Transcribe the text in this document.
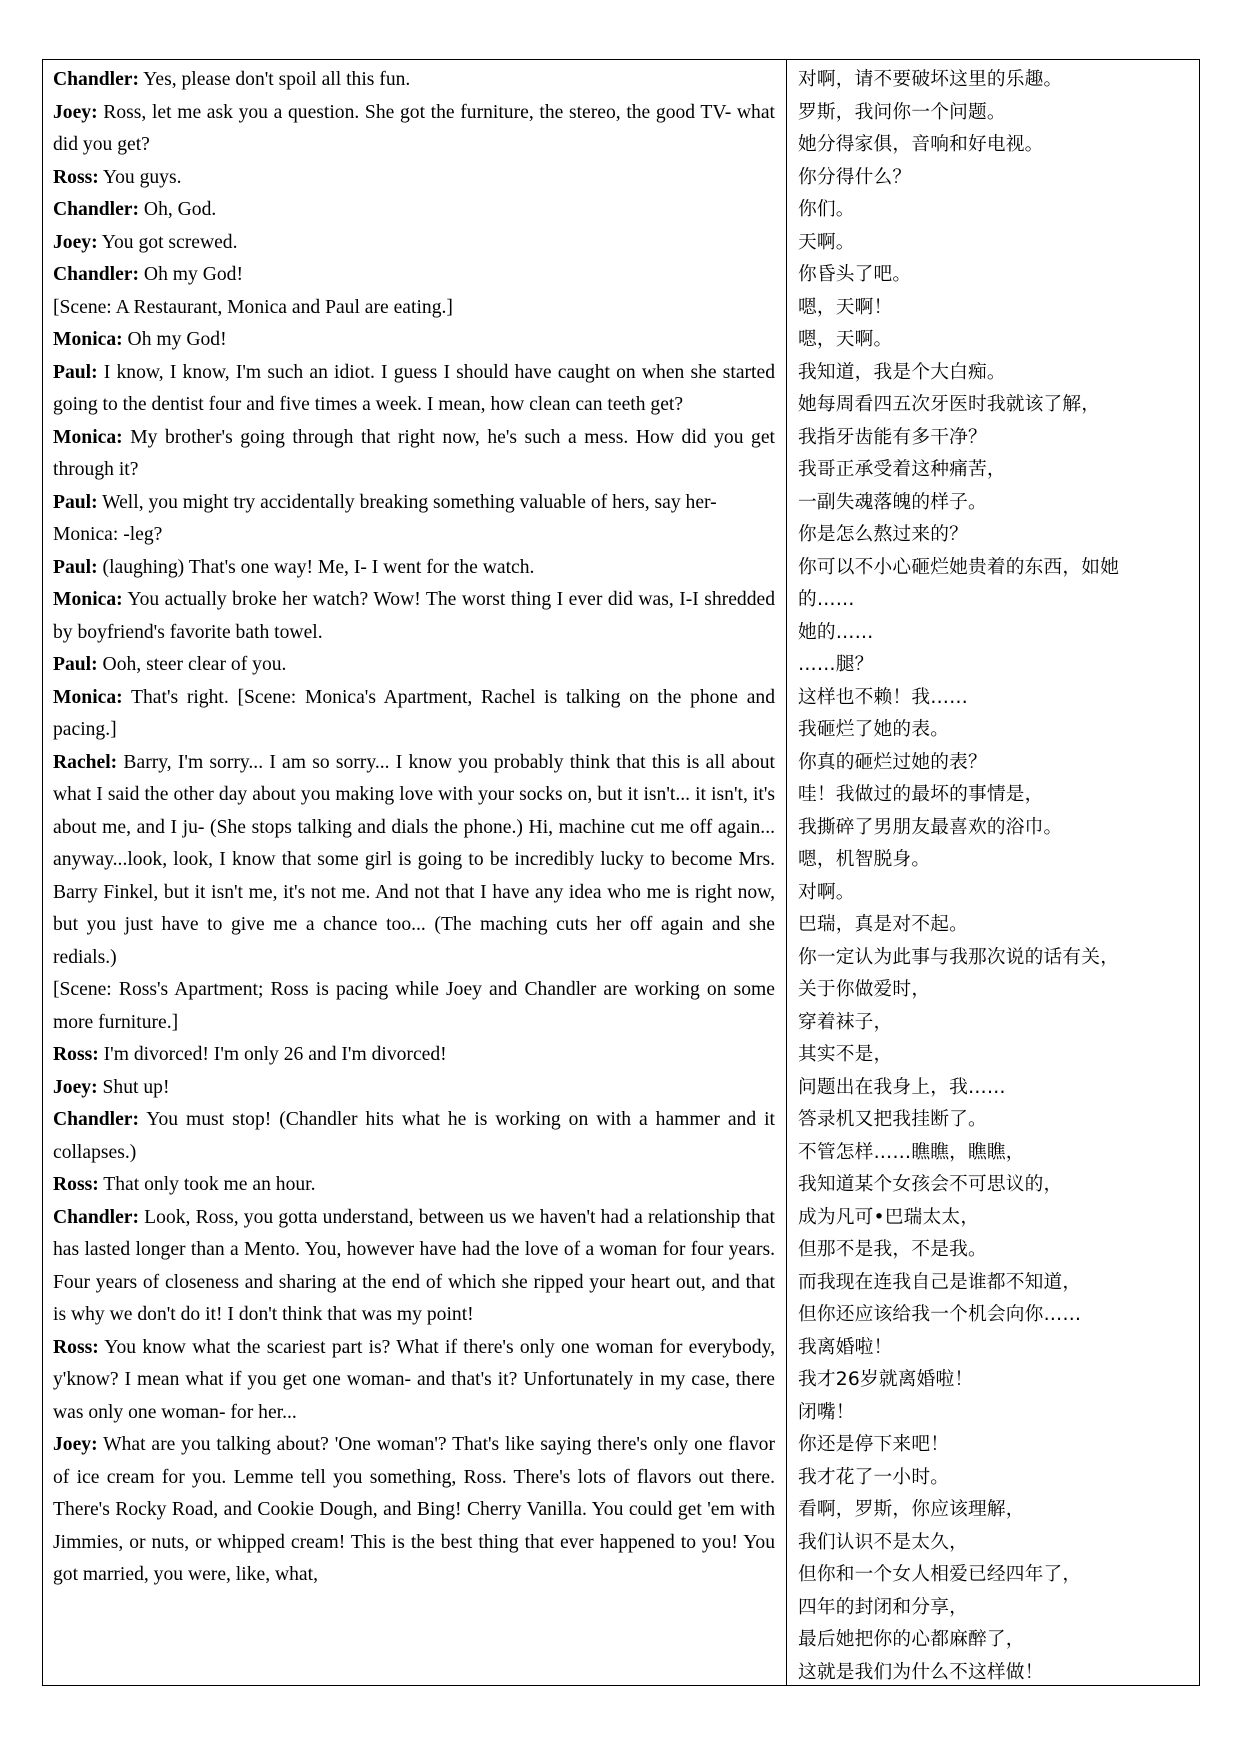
Chandler: Yes, please don't spoil all this fun.

Joey: Ross, let me ask you a question. She got the furniture, the stereo, the good TV- what did you get?

Ross: You guys.

Chandler: Oh, God.

Joey: You got screwed.

Chandler: Oh my God!

[Scene: A Restaurant, Monica and Paul are eating.]

Monica: Oh my God!

Paul: I know, I know, I'm such an idiot. I guess I should have caught on when she started going to the dentist four and five times a week. I mean, how clean can teeth get?

Monica: My brother's going through that right now, he's such a mess. How did you get through it?

Paul: Well, you might try accidentally breaking something valuable of hers, say her-

Monica: -leg?

Paul: (laughing) That's one way! Me, I- I went for the watch.

Monica: You actually broke her watch? Wow! The worst thing I ever did was, I-I shredded by boyfriend's favorite bath towel.

Paul: Ooh, steer clear of you.

Monica: That's right. [Scene: Monica's Apartment, Rachel is talking on the phone and pacing.]

Rachel: Barry, I'm sorry... I am so sorry... I know you probably think that this is all about what I said the other day about you making love with your socks on, but it isn't... it isn't, it's about me, and I ju- (She stops talking and dials the phone.) Hi, machine cut me off again... anyway...look, look, I know that some girl is going to be incredibly lucky to become Mrs. Barry Finkel, but it isn't me, it's not me. And not that I have any idea who me is right now, but you just have to give me a chance too... (The maching cuts her off again and she redials.)

[Scene: Ross's Apartment; Ross is pacing while Joey and Chandler are working on some more furniture.]

Ross: I'm divorced! I'm only 26 and I'm divorced!

Joey: Shut up!

Chandler: You must stop! (Chandler hits what he is working on with a hammer and it collapses.)

Ross: That only took me an hour.

Chandler: Look, Ross, you gotta understand, between us we haven't had a relationship that has lasted longer than a Mento. You, however have had the love of a woman for four years. Four years of closeness and sharing at the end of which she ripped your heart out, and that is why we don't do it! I don't think that was my point!

Ross: You know what the scariest part is? What if there's only one woman for everybody, y'know? I mean what if you get one woman- and that's it? Unfortunately in my case, there was only one woman- for her...

Joey: What are you talking about? 'One woman'? That's like saying there's only one flavor of ice cream for you. Lemme tell you something, Ross. There's lots of flavors out there. There's Rocky Road, and Cookie Dough, and Bing! Cherry Vanilla. You could get 'em with Jimmies, or nuts, or whipped cream! This is the best thing that ever happened to you! You got married, you were, like, what,

对啊，请不要破坏这里的乐趣。

罗斯，我问你一个问题。

她分得家俱，音响和好电视。

你分得什么？

你们。

天啊。

你昏头了吧。

嗯，天啊！

嗯，天啊。

我知道，我是个大白痴。

她每周看四五次牙医时我就该了解，

我指牙齿能有多干净？

我哥正承受着这种痛苦，

一副失魂落魄的样子。

你是怎么熬过来的？

你可以不小心砸烂她贵着的东西，如她

的……

她的……

……腿？

这样也不赖！我……

我砸烂了她的表。

你真的砸烂过她的表？

哇！我做过的最坏的事情是，

我撕碎了男朋友最喜欢的浴巾。

嗯，机智脱身。

对啊。

巴瑞，真是对不起。

你一定认为此事与我那次说的话有关，

关于你做爱时，

穿着袜子，

其实不是，

问题出在我身上，我……

答录机又把我挂断了。

不管怎样……瞧瞧，瞧瞧，

我知道某个女孩会不可思议的，

成为凡可•巴瑞太太，

但那不是我，不是我。

而我现在连我自己是谁都不知道，

但你还应该给我一个机会向你……

我离婚啦！

我才26岁就离婚啦！

闭嘴！

你还是停下来吧！

我才花了一小时。

看啊，罗斯，你应该理解，

我们认识不是太久，

但你和一个女人相爱已经四年了，

四年的封闭和分享，

最后她把你的心都麻醉了，

这就是我们为什么不这样做！
